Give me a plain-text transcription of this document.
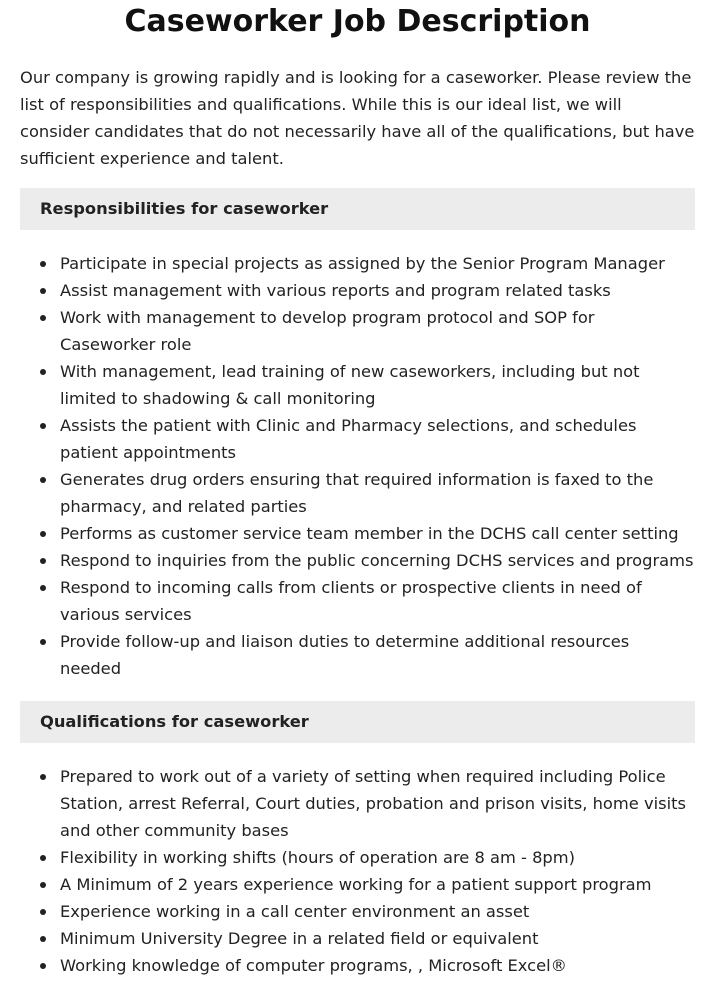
Caseworker Job Description

Our company is growing rapidly and is looking for a caseworker. Please review the list of responsibilities and qualifications. While this is our ideal list, we will consider candidates that do not necessarily have all of the qualifications, but have sufficient experience and talent.

Responsibilities for caseworker
Participate in special projects as assigned by the Senior Program Manager
Assist management with various reports and program related tasks
Work with management to develop program protocol and SOP for Caseworker role
With management, lead training of new caseworkers, including but not limited to shadowing & call monitoring
Assists the patient with Clinic and Pharmacy selections, and schedules patient appointments
Generates drug orders ensuring that required information is faxed to the pharmacy, and related parties
Performs as customer service team member in the DCHS call center setting
Respond to inquiries from the public concerning DCHS services and programs
Respond to incoming calls from clients or prospective clients in need of various services
Provide follow-up and liaison duties to determine additional resources needed
Qualifications for caseworker
Prepared to work out of a variety of setting when required including Police Station, arrest Referral, Court duties, probation and prison visits, home visits and other community bases
Flexibility in working shifts (hours of operation are 8 am - 8pm)
A Minimum of 2 years experience working for a patient support program
Experience working in a call center environment an asset
Minimum University Degree in a related field or equivalent
Working knowledge of computer programs, , Microsoft Excel®
